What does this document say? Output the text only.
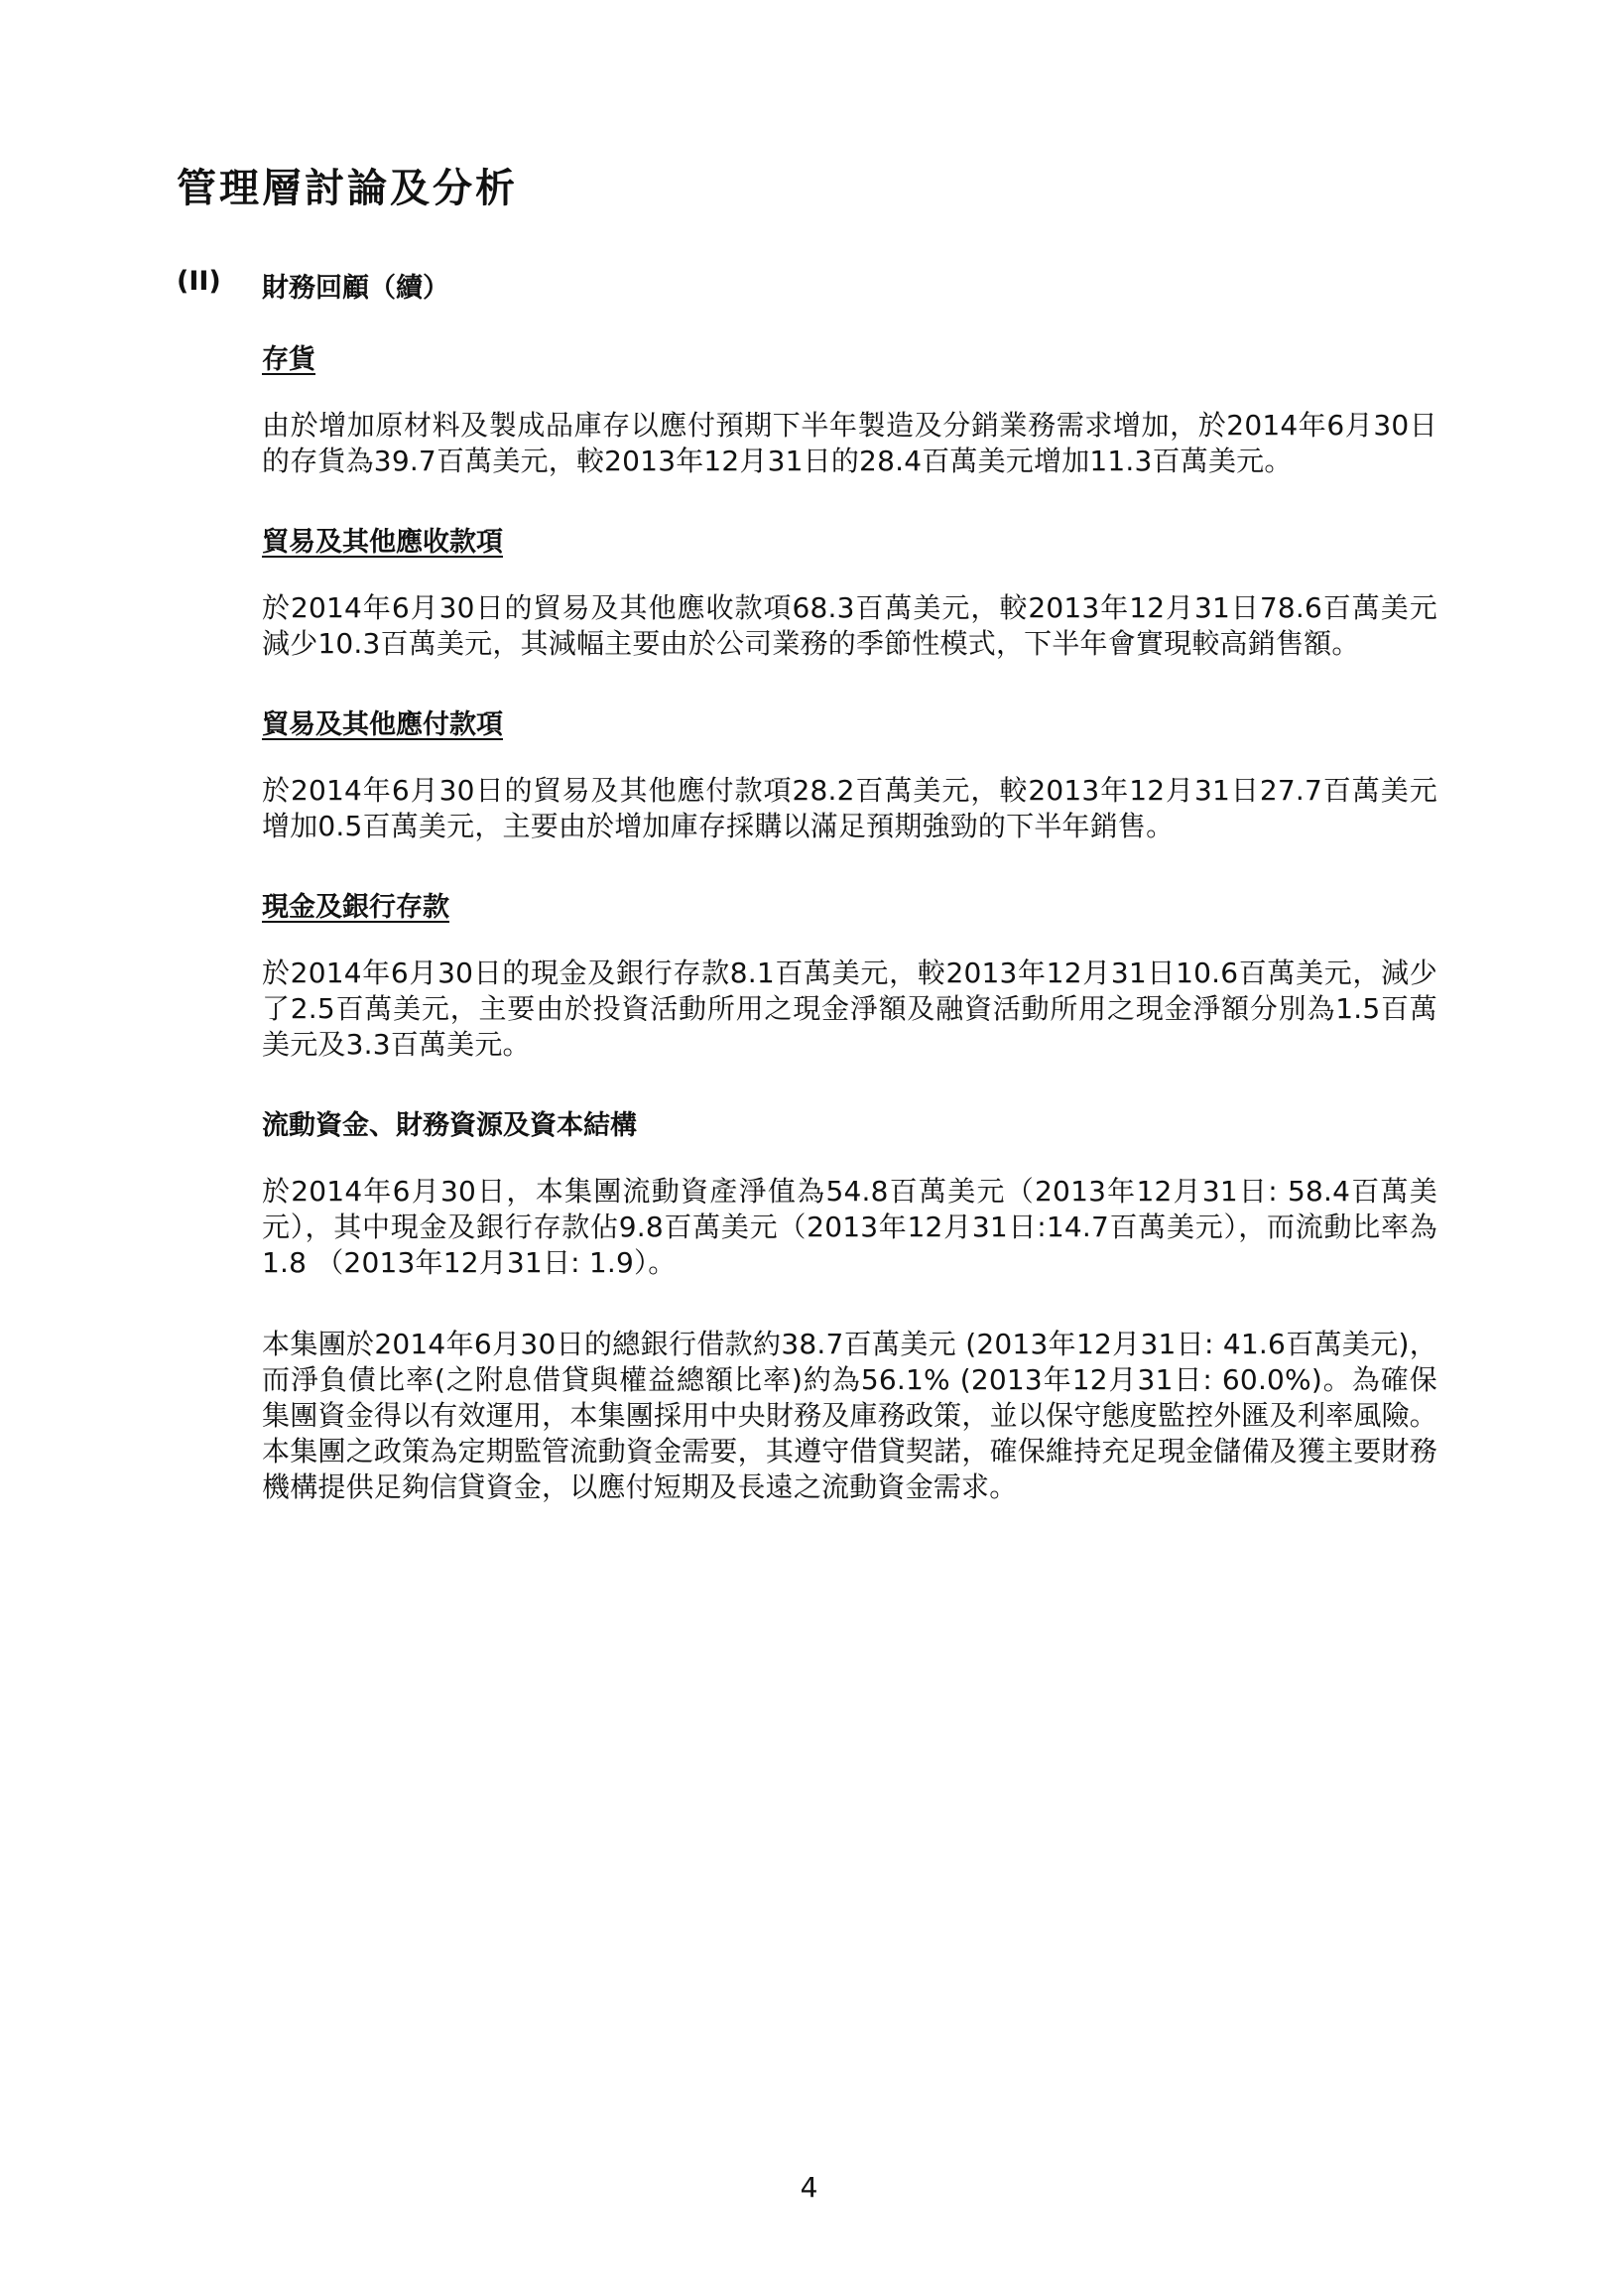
管理層討論及分析
(II)	財務回顧（續）

存貨

由於增加原材料及製成品庫存以應付預期下半年製造及分銷業務需求增加，於2014年6月30日的存貨為39.7百萬美元，較2013年12月31日的28.4百萬美元增加11.3百萬美元。

貿易及其他應收款項

於2014年6月30日的貿易及其他應收款項68.3百萬美元，較2013年12月31日78.6百萬美元減少10.3百萬美元，其減幅主要由於公司業務的季節性模式，下半年會實現較高銷售額。

貿易及其他應付款項

於2014年6月30日的貿易及其他應付款項28.2百萬美元，較2013年12月31日27.7百萬美元增加0.5百萬美元，主要由於增加庫存採購以滿足預期強勁的下半年銷售。

現金及銀行存款

於2014年6月30日的現金及銀行存款8.1百萬美元，較2013年12月31日10.6百萬美元，減少了2.5百萬美元，主要由於投資活動所用之現金淨額及融資活動所用之現金淨額分別為1.5百萬美元及3.3百萬美元。

流動資金、財務資源及資本結構

於2014年6月30日，本集團流動資產淨值為54.8百萬美元（2013年12月31日: 58.4百萬美元），其中現金及銀行存款佔9.8百萬美元（2013年12月31日:14.7百萬美元），而流動比率為1.8 （2013年12月31日: 1.9）。

本集團於2014年6月30日的總銀行借款約38.7百萬美元 (2013年12月31日: 41.6百萬美元)，而淨負債比率(之附息借貸與權益總額比率)約為56.1% (2013年12月31日: 60.0%)。為確保集團資金得以有效運用，本集團採用中央財務及庫務政策，並以保守態度監控外匯及利率風險。本集團之政策為定期監管流動資金需要，其遵守借貸契諾，確保維持充足現金儲備及獲主要財務機構提供足夠信貸資金，以應付短期及長遠之流動資金需求。

4
